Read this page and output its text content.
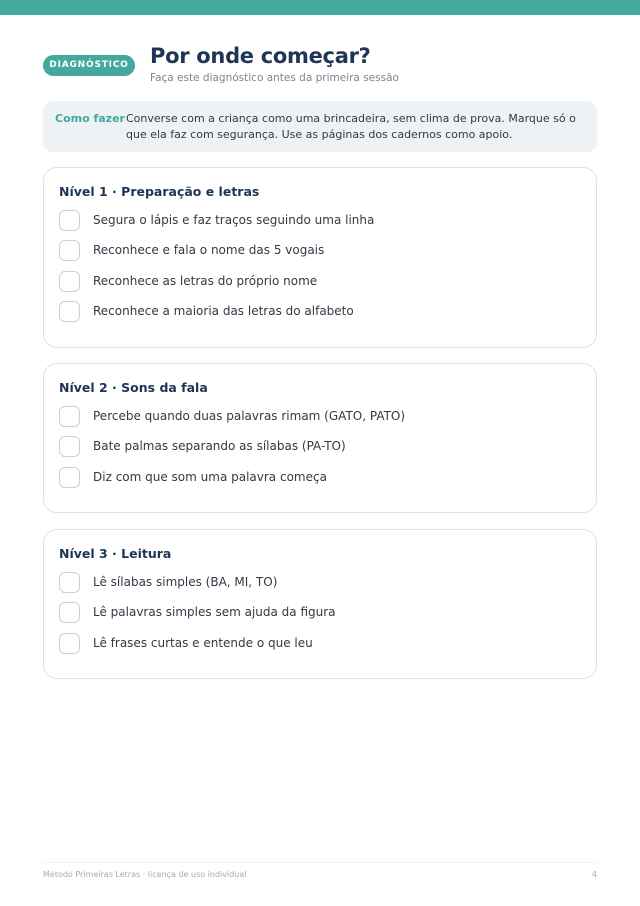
DIAGNÓSTICO	Por onde começar?
Faça este diagnóstico antes da primeira sessão
Como fazer Converse com a criança como uma brincadeira, sem clima de prova. Marque só o que ela faz com segurança. Use as páginas dos cadernos como apoio.
Nível 1 · Preparação e letras
Segura o lápis e faz traços seguindo uma linha
Reconhece e fala o nome das 5 vogais
Reconhece as letras do próprio nome
Reconhece a maioria das letras do alfabeto
Nível 2 · Sons da fala
Percebe quando duas palavras rimam (GATO, PATO)
Bate palmas separando as sílabas (PA-TO)
Diz com que som uma palavra começa
Nível 3 · Leitura
Lê sílabas simples (BA, MI, TO)
Lê palavras simples sem ajuda da figura
Lê frases curtas e entende o que leu
Método Primeiras Letras · licença de uso individual	4
